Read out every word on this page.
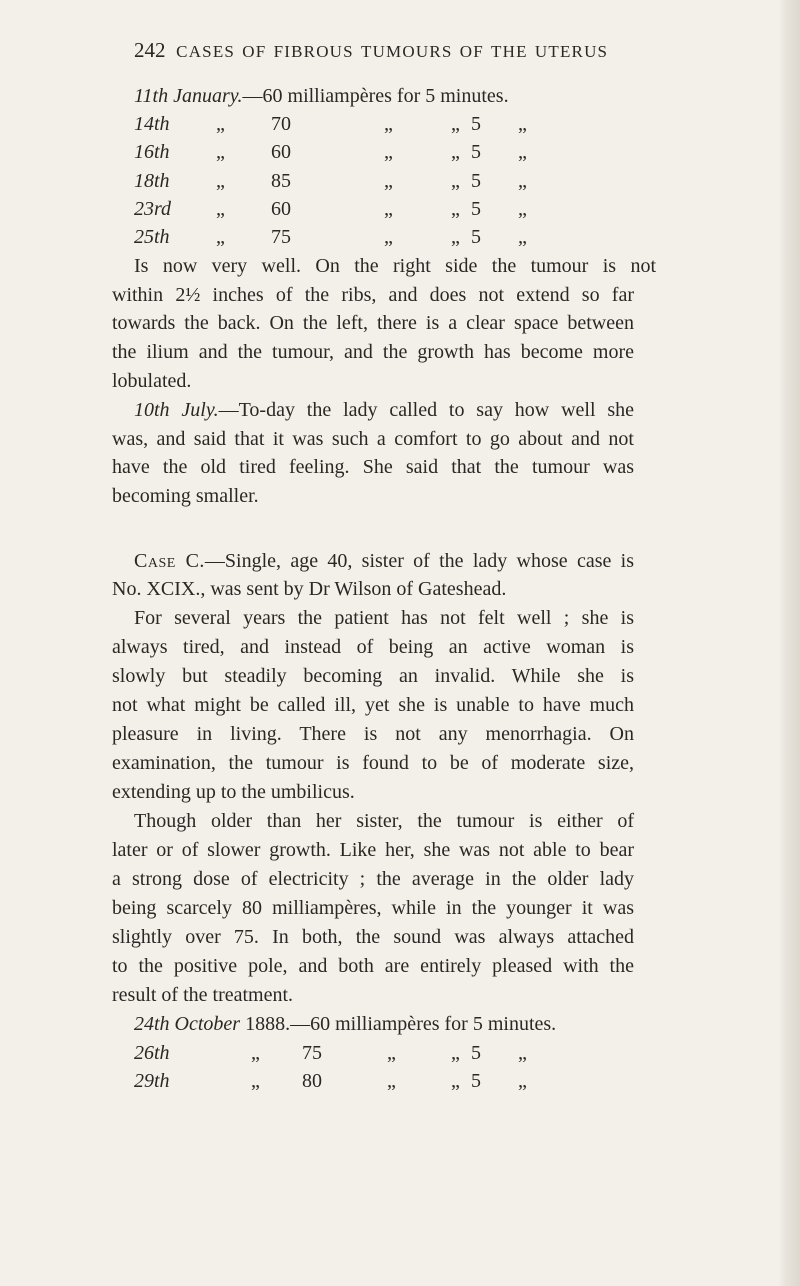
242 cases of fibrous tumours of the uterus
11th January.—60 milliampères for 5 minutes.
14th „ 70	„	„ 5 „
16th „ 60	„	„ 5 „
18th „ 85	„	„ 5 „
23rd „ 60	„	„ 5 „
25th „ 75	„	„ 5 „
Is now very well. On the right side the tumour is not
within 2½ inches of the ribs, and does not extend so far
towards the back. On the left, there is a clear space between
the ilium and the tumour, and the growth has become more
lobulated.
10th July.—To-day the lady called to say how well she
was, and said that it was such a comfort to go about and not
have the old tired feeling. She said that the tumour was
becoming smaller.
Case C.—Single, age 40, sister of the lady whose case is
No. XCIX., was sent by Dr Wilson of Gateshead.
For several years the patient has not felt well ; she is
always tired, and instead of being an active woman is
slowly but steadily becoming an invalid. While she is
not what might be called ill, yet she is unable to have much
pleasure in living. There is not any menorrhagia. On
examination, the tumour is found to be of moderate size,
extending up to the umbilicus.
Though older than her sister, the tumour is either of
later or of slower growth. Like her, she was not able to bear
a strong dose of electricity ; the average in the older lady
being scarcely 80 milliampères, while in the younger it was
slightly over 75. In both, the sound was always attached
to the positive pole, and both are entirely pleased with the
result of the treatment.
24th October 1888.—60 milliampères for 5 minutes.
26th	„ 75	„	„ 5 „
29th	„ 80	„	„ 5 „
